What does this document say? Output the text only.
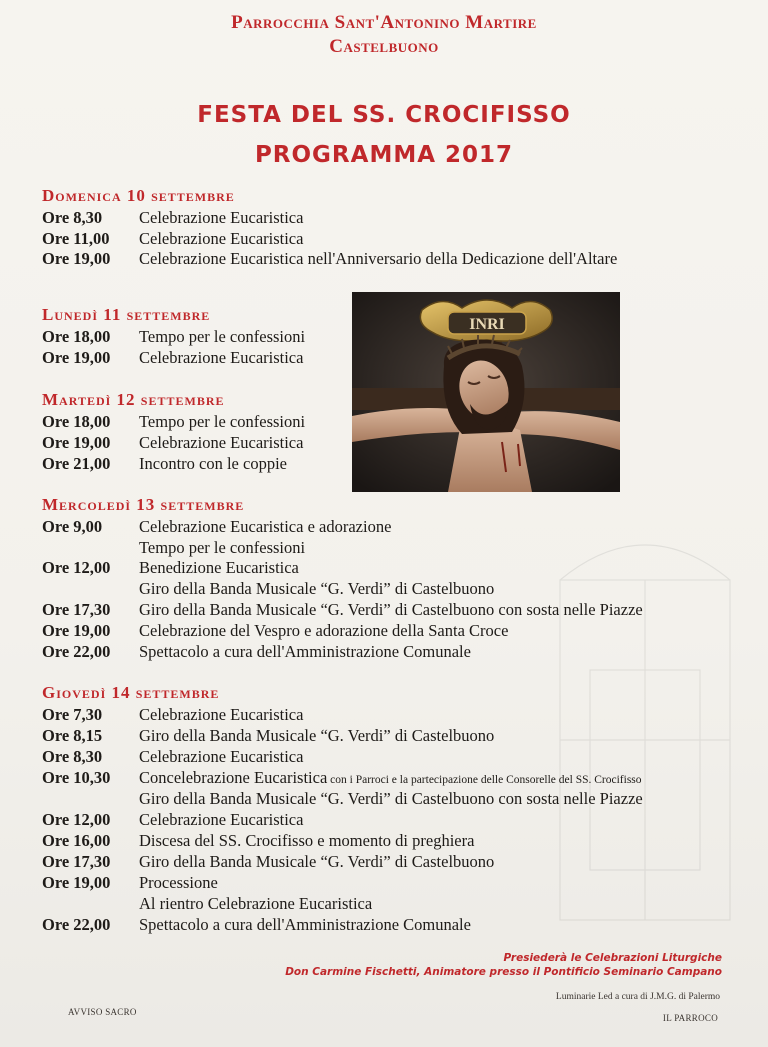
Parrocchia Sant'Antonino Martire
Castelbuono
FESTA DEL SS. CROCIFISSO
PROGRAMMA 2017
Domenica 10 settembre
Ore 8,30 Celebrazione Eucaristica
Ore 11,00 Celebrazione Eucaristica
Ore 19,00 Celebrazione Eucaristica nell'Anniversario della Dedicazione dell'Altare
Lunedì 11 settembre
Ore 18,00 Tempo per le confessioni
Ore 19,00 Celebrazione Eucaristica
Martedì 12 settembre
Ore 18,00 Tempo per le confessioni
Ore 19,00 Celebrazione Eucaristica
Ore 21,00 Incontro con le coppie
Mercoledì 13 settembre
Ore 9,00 Celebrazione Eucaristica e adorazione
Tempo per le confessioni
Ore 12,00 Benedizione Eucaristica
Giro della Banda Musicale “G. Verdi” di Castelbuono
Ore 17,30 Giro della Banda Musicale “G. Verdi” di Castelbuono con sosta nelle Piazze
Ore 19,00 Celebrazione del Vespro e adorazione della Santa Croce
Ore 22,00 Spettacolo a cura dell'Amministrazione Comunale
Giovedì 14 settembre
Ore 7,30 Celebrazione Eucaristica
Ore 8,15 Giro della Banda Musicale “G. Verdi” di Castelbuono
Ore 8,30 Celebrazione Eucaristica
Ore 10,30 Concelebrazione Eucaristica con i Parroci e la partecipazione delle Consorelle del SS. Crocifisso
Giro della Banda Musicale “G. Verdi” di Castelbuono con sosta nelle Piazze
Ore 12,00 Celebrazione Eucaristica
Ore 16,00 Discesa del SS. Crocifisso e momento di preghiera
Ore 17,30 Giro della Banda Musicale “G. Verdi” di Castelbuono
Ore 19,00 Processione
Al rientro Celebrazione Eucaristica
Ore 22,00 Spettacolo a cura dell'Amministrazione Comunale
INRI
Presiederà le Celebrazioni Liturgiche
Don Carmine Fischetti, Animatore presso il Pontificio Seminario Campano
Luminarie Led a cura di J.M.G. di Palermo
AVVISO SACRO
IL PARROCO
